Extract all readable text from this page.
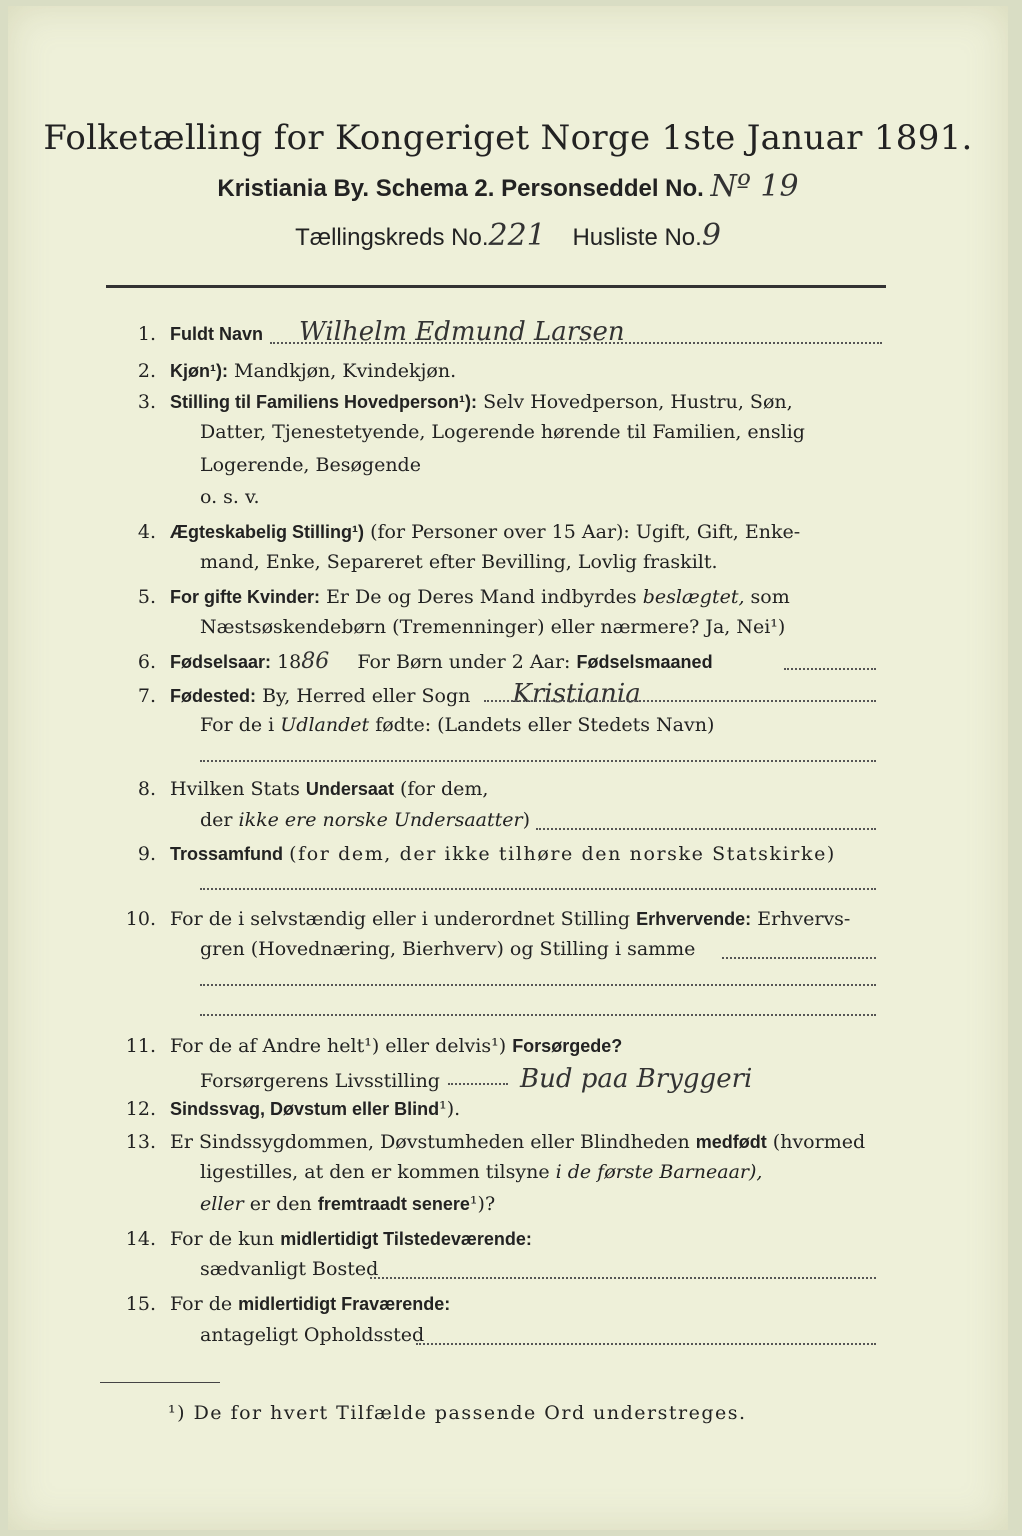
Folketælling for Kongeriget Norge 1ste Januar 1891.
Kristiania By. Schema 2. Personseddel No. Nº 19
Tællingskreds No.221 Husliste No.9
1. Fuldt Navn Wilhelm Edmund Larsen
2. Kjøn¹): Mandkjøn, Kvindekjøn.
3. Stilling til Familiens Hovedperson¹): Selv Hovedperson, Hustru, Søn,
Datter, Tjenestetyende, Logerende hørende til Familien, enslig
Logerende, Besøgende
o. s. v.
4. Ægteskabelig Stilling¹) (for Personer over 15 Aar): Ugift, Gift, Enke-
mand, Enke, Separeret efter Bevilling, Lovlig fraskilt.
5. For gifte Kvinder: Er De og Deres Mand indbyrdes beslægtet, som
Næstsøskendebørn (Tremenninger) eller nærmere? Ja, Nei¹)
6. Fødselsaar: 1886 For Børn under 2 Aar: Fødselsmaaned
7. Fødested: By, Herred eller Sogn Kristiania
For de i Udlandet fødte: (Landets eller Stedets Navn)
8. Hvilken Stats Undersaat (for dem,
der ikke ere norske Undersaatter)
9. Trossamfund (for dem, der ikke tilhøre den norske Statskirke)
10. For de i selvstændig eller i underordnet Stilling Erhvervende: Erhvervs-
gren (Hovednæring, Bierhverv) og Stilling i samme
11. For de af Andre helt¹) eller delvis¹) Forsørgede?
Forsørgerens Livsstilling	Bud paa Bryggeri
12. Sindssvag, Døvstum eller Blind¹).
13. Er Sindssygdommen, Døvstumheden eller Blindheden medfødt (hvormed
ligestilles, at den er kommen tilsyne i de første Barneaar),
eller er den fremtraadt senere¹)?
14. For de kun midlertidigt Tilstedeværende:
sædvanligt Bosted
15. For de midlertidigt Fraværende:
antageligt Opholdssted
¹) De for hvert Tilfælde passende Ord understreges.
